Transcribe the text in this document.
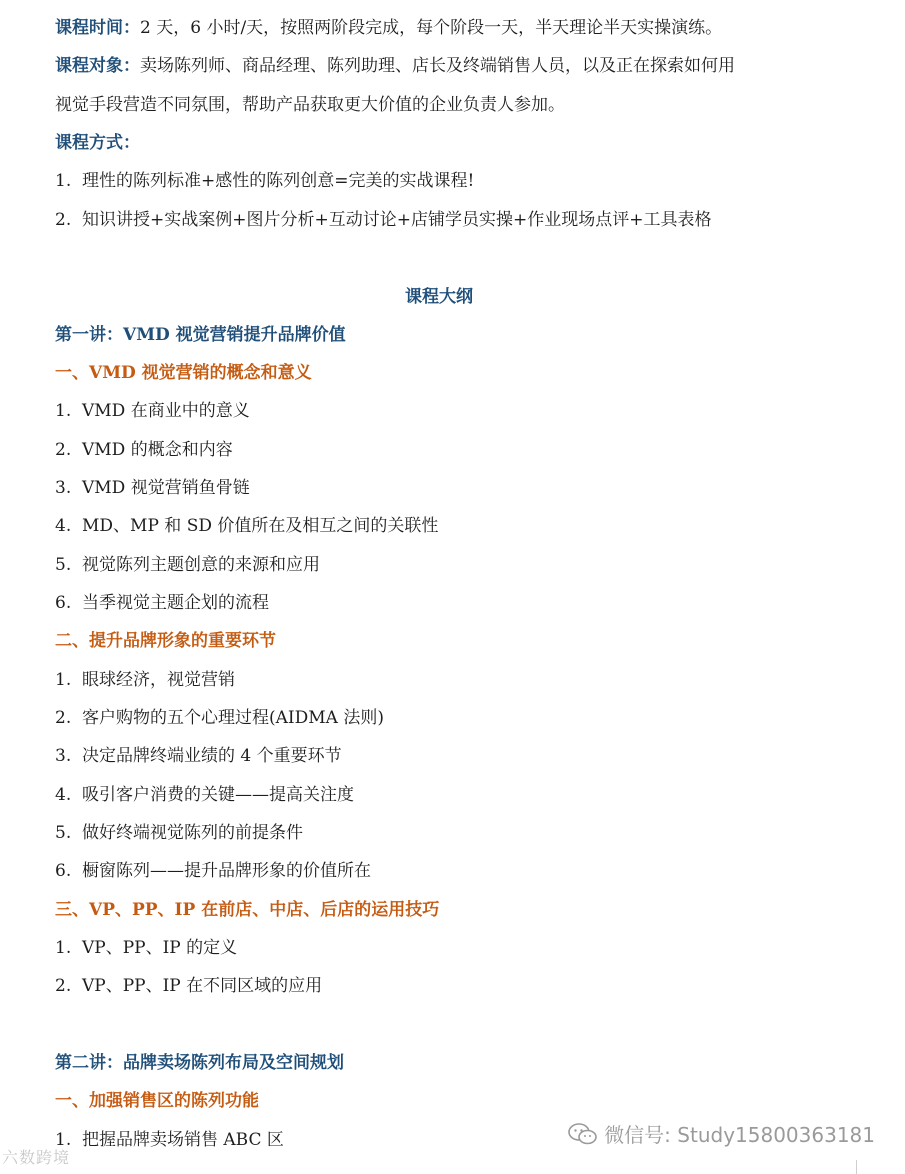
课程时间：2 天，6 小时/天，按照两阶段完成，每个阶段一天，半天理论半天实操演练。
课程对象：卖场陈列师、商品经理、陈列助理、店长及终端销售人员，以及正在探索如何用
视觉手段营造不同氛围，帮助产品获取更大价值的企业负责人参加。
课程方式：
1. 理性的陈列标准+感性的陈列创意=完美的实战课程!
2. 知识讲授+实战案例+图片分析+互动讨论+店铺学员实操+作业现场点评+工具表格
课程大纲
第一讲：VMD 视觉营销提升品牌价值
一、VMD 视觉营销的概念和意义
1. VMD 在商业中的意义
2. VMD 的概念和内容
3. VMD 视觉营销鱼骨链
4. MD、MP 和 SD 价值所在及相互之间的关联性
5. 视觉陈列主题创意的来源和应用
6. 当季视觉主题企划的流程
二、提升品牌形象的重要环节
1. 眼球经济，视觉营销
2. 客户购物的五个心理过程(AIDMA 法则)
3. 决定品牌终端业绩的 4 个重要环节
4. 吸引客户消费的关键——提高关注度
5. 做好终端视觉陈列的前提条件
6. 橱窗陈列——提升品牌形象的价值所在
三、VP、PP、IP 在前店、中店、后店的运用技巧
1. VP、PP、IP 的定义
2. VP、PP、IP 在不同区域的应用
第二讲：品牌卖场陈列布局及空间规划
一、加强销售区的陈列功能
1. 把握品牌卖场销售 ABC 区	微信号: Study15800363181
六数跨境
